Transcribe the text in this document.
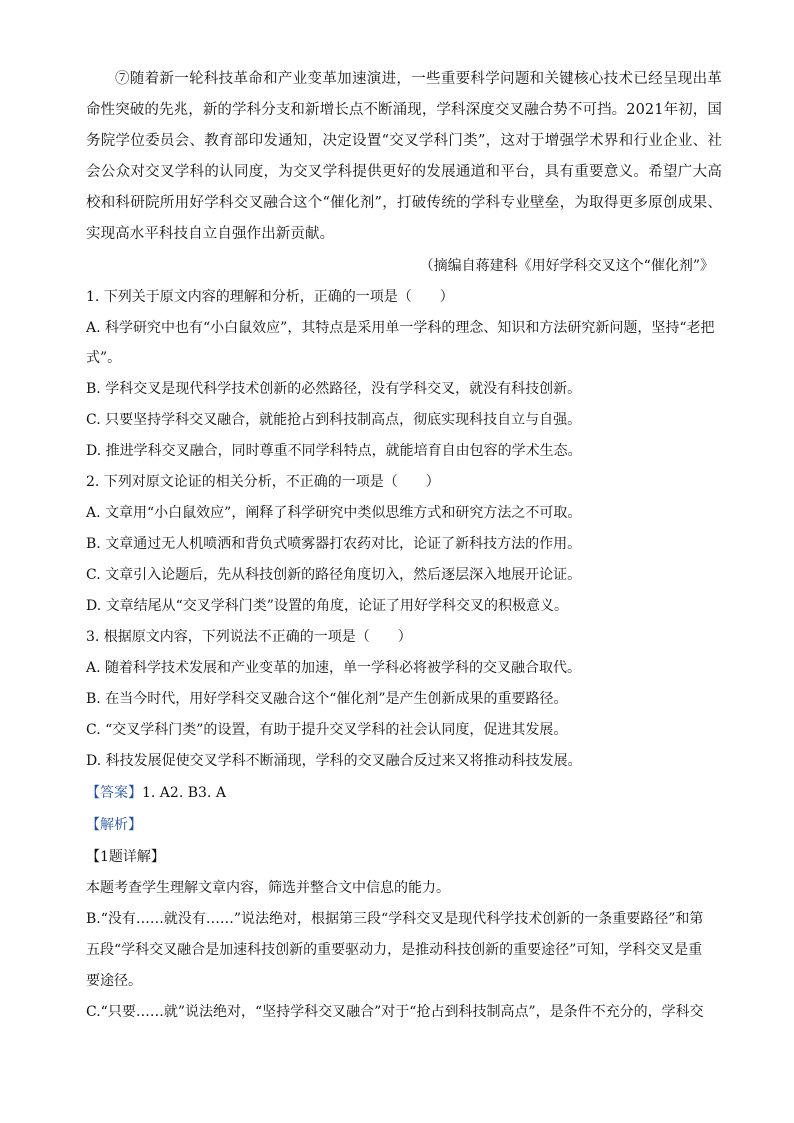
⑦随着新一轮科技革命和产业变革加速演进，一些重要科学问题和关键核心技术已经呈现出革命性突破的先兆，新的学科分支和新增长点不断涌现，学科深度交叉融合势不可挡。2021年初，国务院学位委员会、教育部印发通知，决定设置“交叉学科门类”，这对于增强学术界和行业企业、社会公众对交叉学科的认同度，为交叉学科提供更好的发展通道和平台，具有重要意义。希望广大高校和科研院所用好学科交叉融合这个“催化剂”，打破传统的学科专业壁垒，为取得更多原创成果、实现高水平科技自立自强作出新贡献。

（摘编自蒋建科《用好学科交叉这个“催化剂”》
1. 下列关于原文内容的理解和分析，正确的一项是（　　）
A. 科学研究中也有“小白鼠效应”，其特点是采用单一学科的理念、知识和方法研究新问题，坚持“老把
式”。
B. 学科交叉是现代科学技术创新的必然路径，没有学科交叉，就没有科技创新。
C. 只要坚持学科交叉融合，就能抢占到科技制高点，彻底实现科技自立与自强。
D. 推进学科交叉融合，同时尊重不同学科特点，就能培育自由包容的学术生态。
2. 下列对原文论证的相关分析，不正确的一项是（　　）
A. 文章用“小白鼠效应”，阐释了科学研究中类似思维方式和研究方法之不可取。
B. 文章通过无人机喷洒和背负式喷雾器打农药对比，论证了新科技方法的作用。
C. 文章引入论题后，先从科技创新的路径角度切入，然后逐层深入地展开论证。
D. 文章结尾从“交叉学科门类”设置的角度，论证了用好学科交叉的积极意义。
3. 根据原文内容，下列说法不正确的一项是（　　）
A. 随着科学技术发展和产业变革的加速，单一学科必将被学科的交叉融合取代。
B. 在当今时代，用好学科交叉融合这个“催化剂”是产生创新成果的重要路径。
C. “交叉学科门类”的设置，有助于提升交叉学科的社会认同度，促进其发展。
D. 科技发展促使交叉学科不断涌现，学科的交叉融合反过来又将推动科技发展。
【答案】1. A2. B3. A
【解析】
【1题详解】
本题考查学生理解文章内容，筛选并整合文中信息的能力。
B.“没有……就没有……”说法绝对，根据第三段“学科交叉是现代科学技术创新的一条重要路径”和第
五段“学科交叉融合是加速科技创新的重要驱动力，是推动科技创新的重要途径”可知，学科交叉是重
要途径。
C.“只要……就”说法绝对，“坚持学科交叉融合”对于“抢占到科技制高点”，是条件不充分的，学科交
